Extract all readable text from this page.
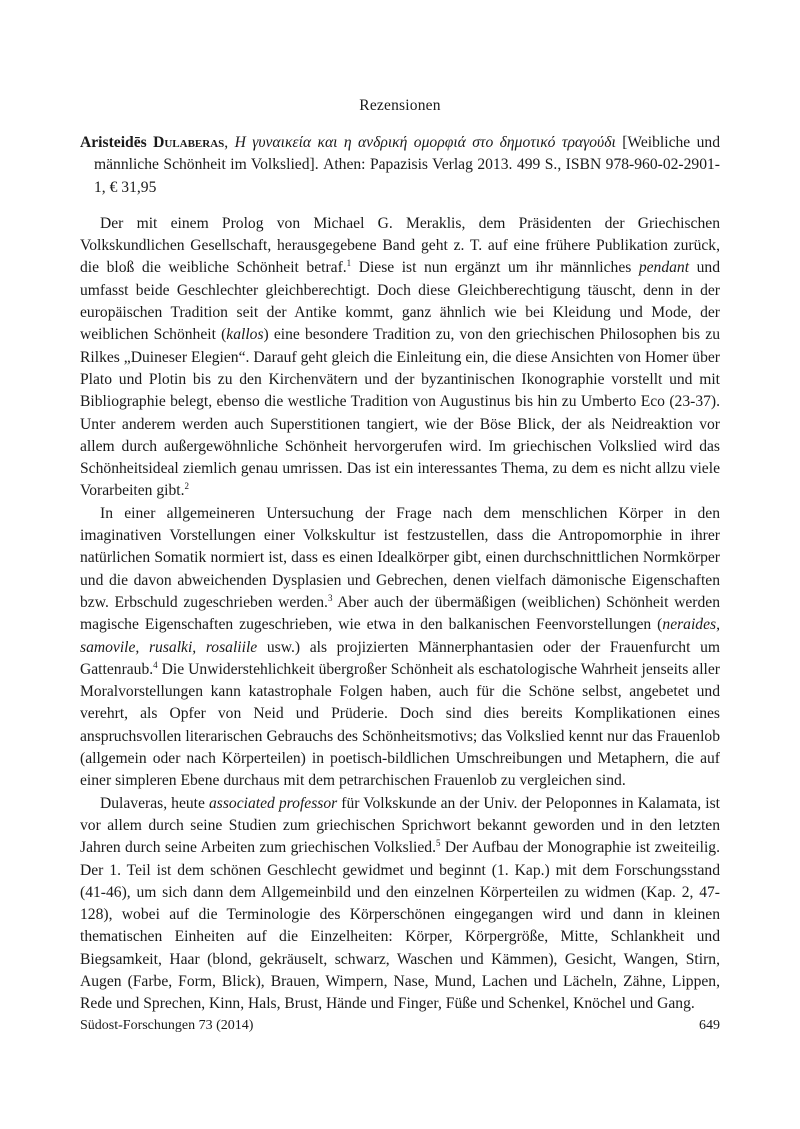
Rezensionen

Aristeidēs Dulaberas, Η γυναικεία και η ανδρική ομορφιά στο δημοτικό τραγούδι [Weibliche und männliche Schönheit im Volkslied]. Athen: Papazisis Verlag 2013. 499 S., ISBN 978-960-02-2901-1, € 31,95

Der mit einem Prolog von Michael G. Meraklis, dem Präsidenten der Griechischen Volkskundlichen Gesellschaft, herausgegebene Band geht z. T. auf eine frühere Publikation zurück, die bloß die weibliche Schönheit betraf.$^1$ Diese ist nun ergänzt um ihr männliches pendant und umfasst beide Geschlechter gleichberechtigt. Doch diese Gleichberechtigung täuscht, denn in der europäischen Tradition seit der Antike kommt, ganz ähnlich wie bei Kleidung und Mode, der weiblichen Schönheit (kallos) eine besondere Tradition zu, von den griechischen Philosophen bis zu Rilkes „Duineser Elegien“. Darauf geht gleich die Einleitung ein, die diese Ansichten von Homer über Plato und Plotin bis zu den Kirchenvätern und der byzantinischen Ikonographie vorstellt und mit Bibliographie belegt, ebenso die westliche Tradition von Augustinus bis hin zu Umberto Eco (23-37). Unter anderem werden auch Superstitionen tangiert, wie der Böse Blick, der als Neidreaktion vor allem durch außergewöhnliche Schönheit hervorgerufen wird. Im griechischen Volkslied wird das Schönheitsideal ziemlich genau umrissen. Das ist ein interessantes Thema, zu dem es nicht allzu viele Vorarbeiten gibt.$^2$

In einer allgemeineren Untersuchung der Frage nach dem menschlichen Körper in den imaginativen Vorstellungen einer Volkskultur ist festzustellen, dass die Antropomorphie in ihrer natürlichen Somatik normiert ist, dass es einen Idealkörper gibt, einen durchschnittlichen Normkörper und die davon abweichenden Dysplasien und Gebrechen, denen vielfach dämonische Eigenschaften bzw. Erbschuld zugeschrieben werden.$^3$ Aber auch der übermäßigen (weiblichen) Schönheit werden magische Eigenschaften zugeschrieben, wie etwa in den balkanischen Feenvorstellungen (neraides, samovile, rusalki, rosaliile usw.) als projizierten Männerphantasien oder der Frauenfurcht um Gattenraub.$^4$ Die Unwiderstehlichkeit übergroßer Schönheit als eschatologische Wahrheit jenseits aller Moralvorstellungen kann katastrophale Folgen haben, auch für die Schöne selbst, angebetet und verehrt, als Opfer von Neid und Prüderie. Doch sind dies bereits Komplikationen eines anspruchsvollen literarischen Gebrauchs des Schönheitsmotivs; das Volkslied kennt nur das Frauenlob (allgemein oder nach Körperteilen) in poetisch-bildlichen Umschreibungen und Metaphern, die auf einer simpleren Ebene durchaus mit dem petrarchischen Frauenlob zu vergleichen sind.

Dulaveras, heute associated professor für Volkskunde an der Univ. der Peloponnes in Kalamata, ist vor allem durch seine Studien zum griechischen Sprichwort bekannt geworden und in den letzten Jahren durch seine Arbeiten zum griechischen Volkslied.$^5$ Der Aufbau der Monographie ist zweiteilig. Der 1. Teil ist dem schönen Geschlecht gewidmet und beginnt (1. Kap.) mit dem Forschungsstand (41-46), um sich dann dem Allgemeinbild und den einzelnen Körperteilen zu widmen (Kap. 2, 47-128), wobei auf die Terminologie des Körperschönen eingegangen wird und dann in kleinen thematischen Einheiten auf die Einzelheiten: Körper, Körpergröße, Mitte, Schlankheit und Biegsamkeit, Haar (blond, gekräuselt, schwarz, Waschen und Kämmen), Gesicht, Wangen, Stirn, Augen (Farbe, Form, Blick), Brauen, Wimpern, Nase, Mund, Lachen und Lächeln, Zähne, Lippen, Rede und Sprechen, Kinn, Hals, Brust, Hände und Finger, Füße und Schenkel, Knöchel und Gang.

Südost-Forschungen 73 (2014)	649
